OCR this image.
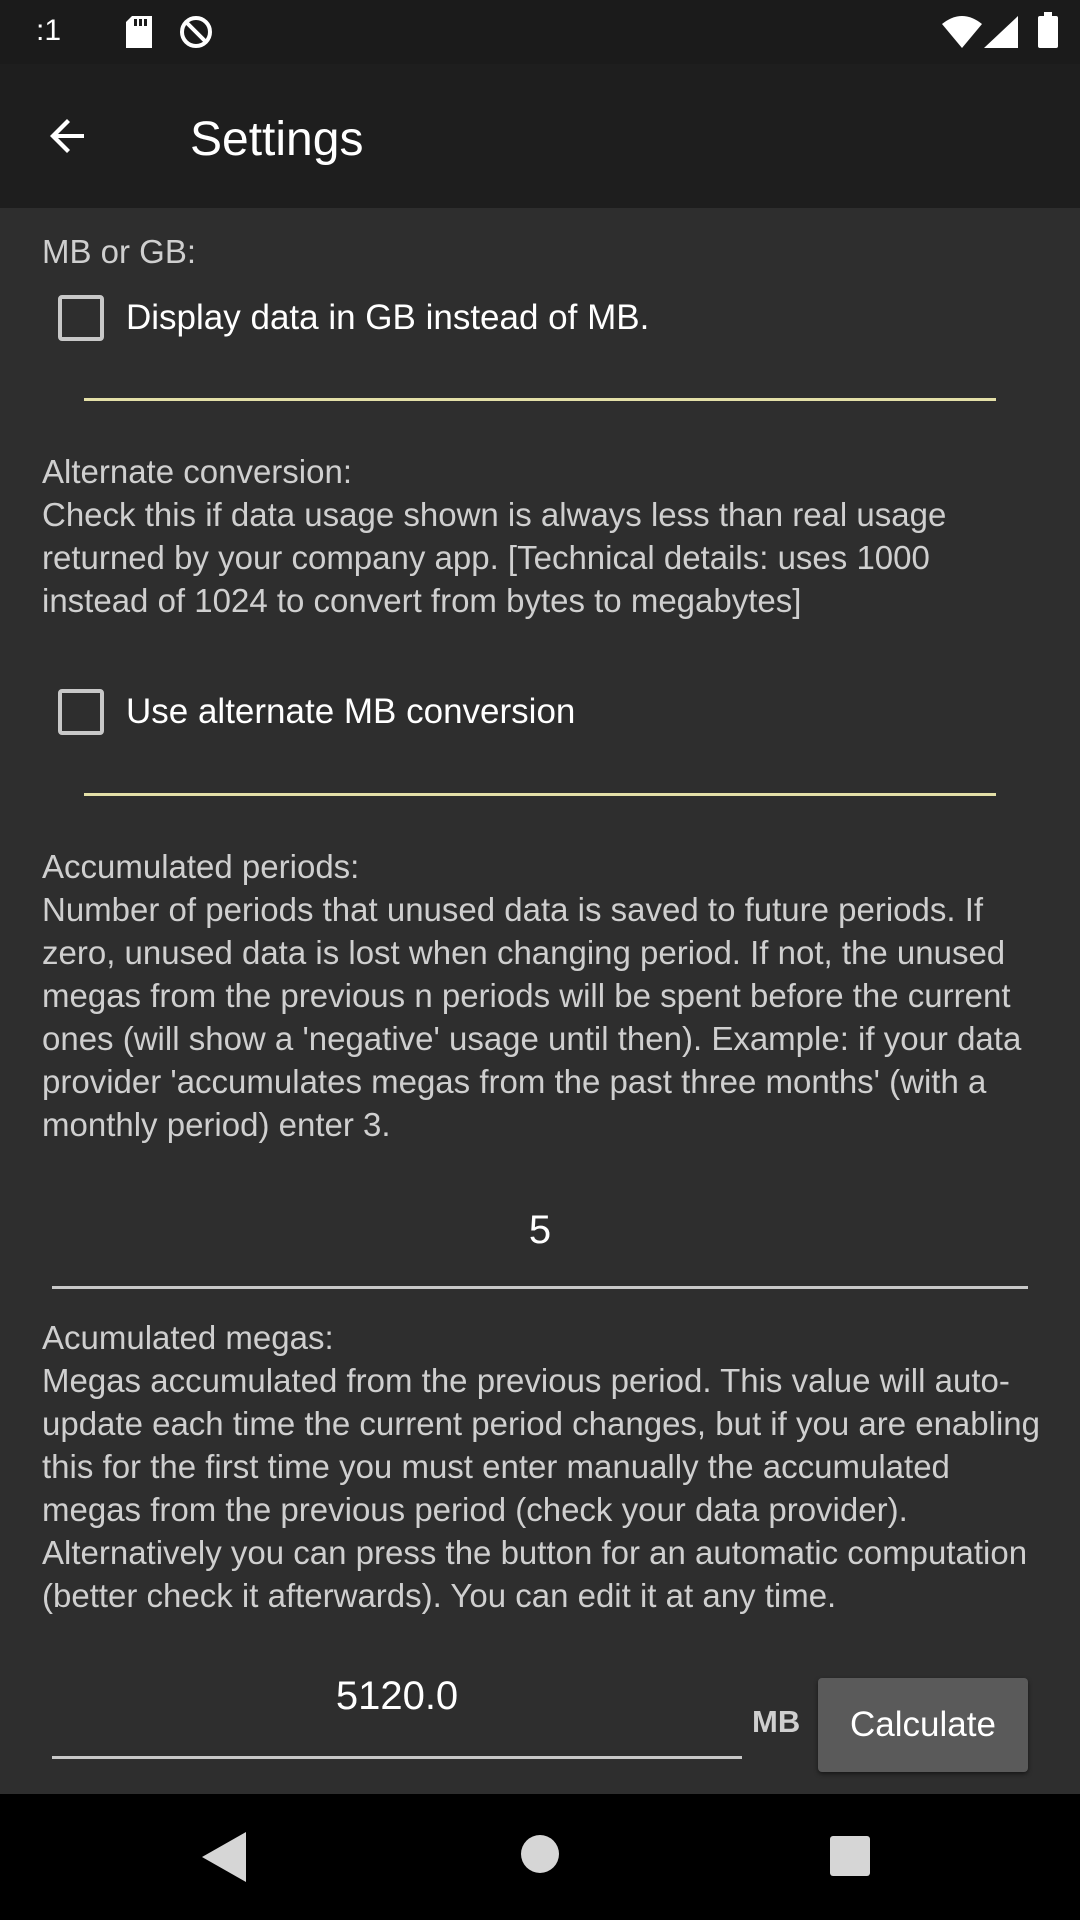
:1
Settings
MB or GB:
Display data in GB instead of MB.
Alternate conversion:
Check this if data usage shown is always less than real usage returned by your company app. [Technical details: uses 1000 instead of 1024 to convert from bytes to megabytes]
Use alternate MB conversion
Accumulated periods:
Number of periods that unused data is saved to future periods. If zero, unused data is lost when changing period. If not, the unused megas from the previous n periods will be spent before the current ones (will show a 'negative' usage until then). Example: if your data provider 'accumulates megas from the past three months' (with a monthly period) enter 3.
5
Acumulated megas:
Megas accumulated from the previous period. This value will auto-update each time the current period changes, but if you are enabling this for the first time you must enter manually the accumulated megas from the previous period (check your data provider). Alternatively you can press the button for an automatic computation (better check it afterwards). You can edit it at any time.
5120.0
MB	Calculate
